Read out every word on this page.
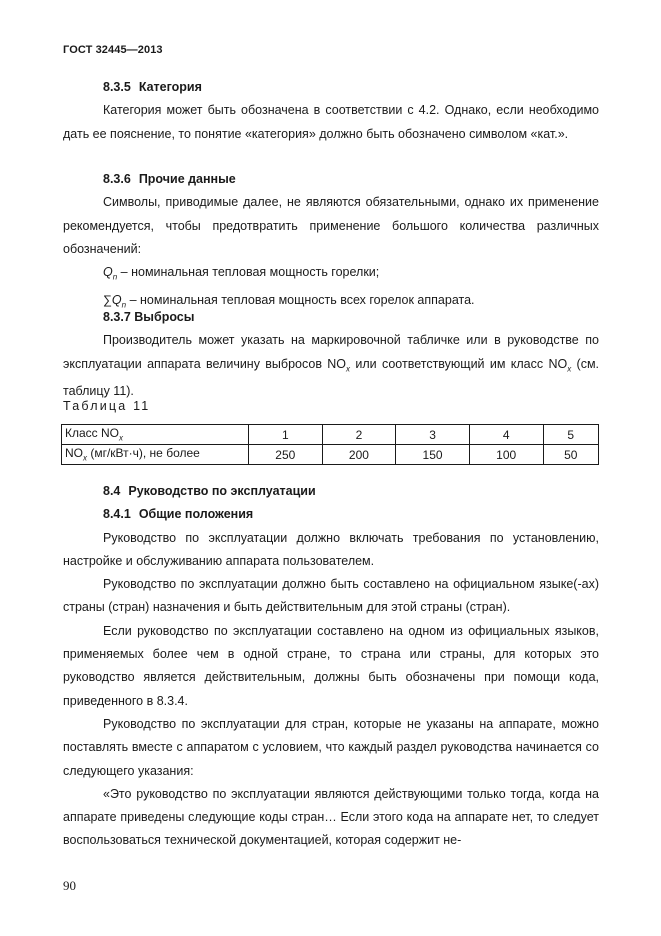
ГОСТ 32445—2013

8.3.5 Категория

Категория может быть обозначена в соответствии с 4.2. Однако, если необходимо дать ее пояснение, то понятие «категория» должно быть обозначено символом «кат.».

8.3.6 Прочие данные

Символы, приводимые далее, не являются обязательными, однако их применение рекомендуется, чтобы предотвратить применение большого количества различных обозначений:

$Q_n$ – номинальная тепловая мощность горелки;

$\sum Q_n$ – номинальная тепловая мощность всех горелок аппарата.

8.3.7 Выбросы

Производитель может указать на маркировочной табличке или в руководстве по эксплуатации аппарата величину выбросов $NO_x$ или соответствующий им класс $NO_x$ (см. таблицу 11).

Таблица 11
Класс $NO_x$	1	2	3	4	5
$NO_x$ (мг/кВт·ч), не более	250	200	150	100	50

8.4 Руководство по эксплуатации

8.4.1 Общие положения

Руководство по эксплуатации должно включать требования по установлению, настройке и обслуживанию аппарата пользователем.

Руководство по эксплуатации должно быть составлено на официальном языке(-ах) страны (стран) назначения и быть действительным для этой страны (стран).

Если руководство по эксплуатации составлено на одном из официальных языков, применяемых более чем в одной стране, то страна или страны, для которых это руководство является действительным, должны быть обозначены при помощи кода, приведенного в 8.3.4.

Руководство по эксплуатации для стран, которые не указаны на аппарате, можно поставлять вместе с аппаратом с условием, что каждый раздел руководства начинается со следующего указания:

«Это руководство по эксплуатации являются действующими только тогда, когда на аппарате приведены следующие коды стран… Если этого кода на аппарате нет, то следует воспользоваться технической документацией, которая содержит не-

90
